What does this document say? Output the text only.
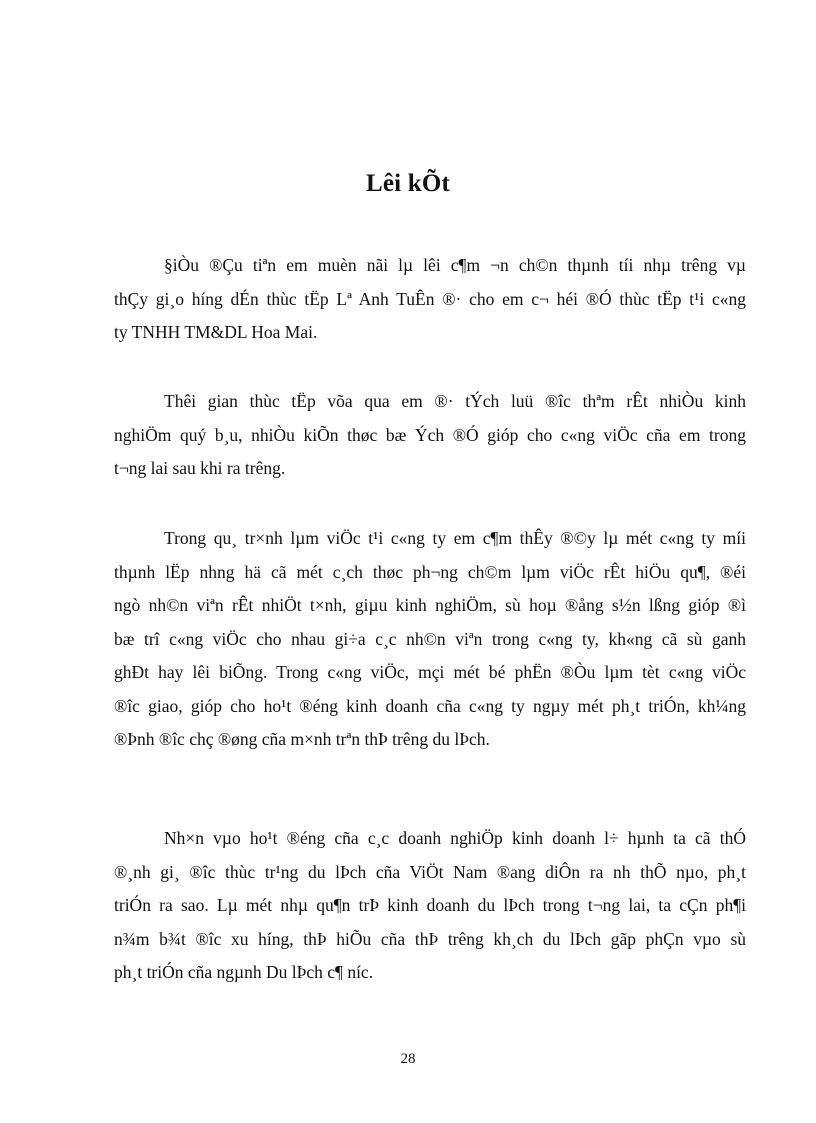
Lêi kÕt
§iÒu ®Çu tiªn em muèn nãi lµ lêi c¶m ¬n ch©n thµnh tíi nhµ trêng vµ
thÇy gi¸o híng dÉn thùc tËp Lª Anh TuÊn ®· cho em c¬ héi ®Ó thùc tËp t¹i c«ng
ty TNHH TM&DL Hoa Mai.
Thêi gian thùc tËp võa qua em ®· tÝch luü ®îc thªm rÊt nhiÒu kinh
nghiÖm quý b¸u, nhiÒu kiÕn thøc bæ Ých ®Ó gióp cho c«ng viÖc cña em trong
t¬ng lai sau khi ra trêng.
Trong qu¸ tr×nh lµm viÖc t¹i c«ng ty em c¶m thÊy ®©y lµ mét c«ng ty míi
thµnh lËp nhng hä cã mét c¸ch thøc ph¬ng ch©m lµm viÖc rÊt hiÖu qu¶, ®éi
ngò nh©n viªn rÊt nhiÖt t×nh, giµu kinh nghiÖm, sù hoµ ®ång s½n lßng gióp ®ì
bæ trî c«ng viÖc cho nhau gi÷a c¸c nh©n viªn trong c«ng ty, kh«ng cã sù ganh
ghÐt hay lêi biÕng. Trong c«ng viÖc, mçi mét bé phËn ®Òu lµm tèt c«ng viÖc
®îc giao, gióp cho ho¹t ®éng kinh doanh cña c«ng ty ngµy mét ph¸t triÓn, kh¼ng
®Þnh ®îc chç ®øng cña m×nh trªn thÞ trêng du lÞch.
Nh×n vµo ho¹t ®éng cña c¸c doanh nghiÖp kinh doanh l÷ hµnh ta cã thÓ
®¸nh gi¸ ®îc thùc tr¹ng du lÞch cña ViÖt Nam ®ang diÔn ra nh thÕ nµo, ph¸t
triÓn ra sao. Lµ mét nhµ qu¶n trÞ kinh doanh du lÞch trong t¬ng lai, ta cÇn ph¶i
n¾m b¾t ®îc xu híng, thÞ hiÕu cña thÞ trêng kh¸ch du lÞch gãp phÇn vµo sù
ph¸t triÓn cña ngµnh Du lÞch c¶ níc.
28
